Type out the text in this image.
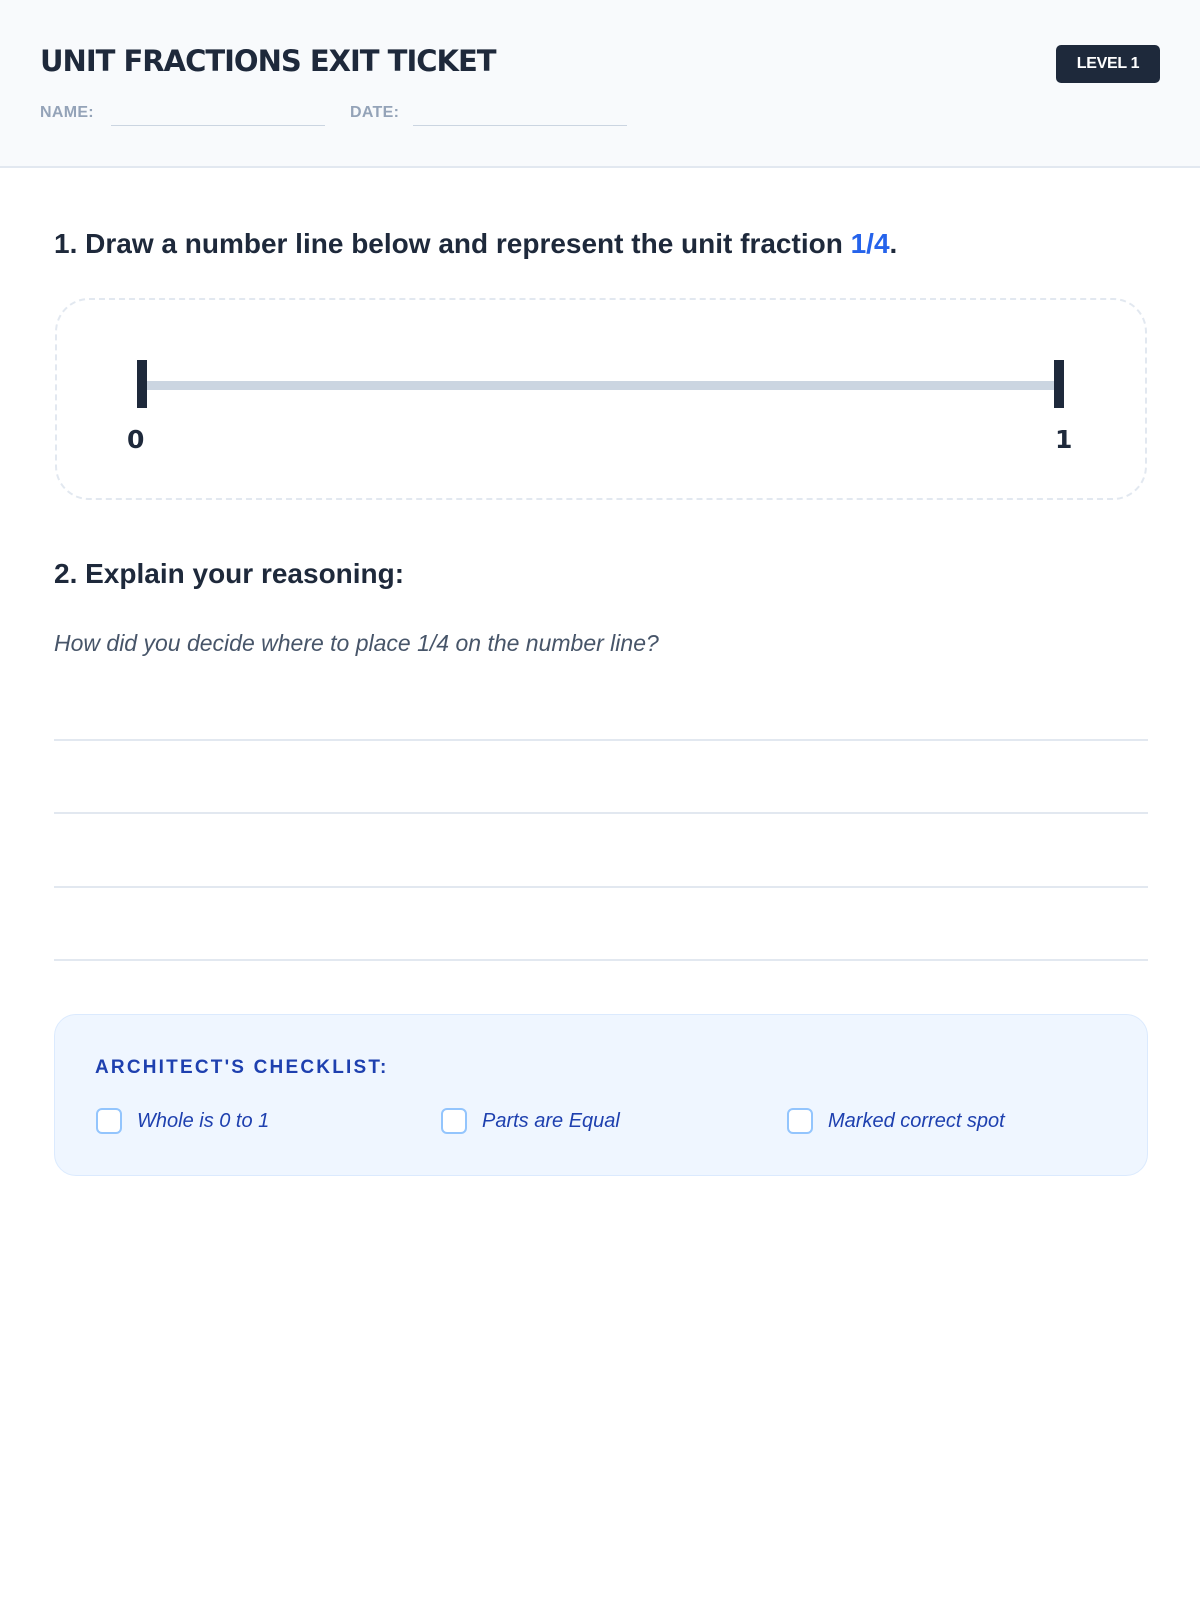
UNIT FRACTIONS EXIT TICKET	LEVEL 1
NAME:	DATE:
1. Draw a number line below and represent the unit fraction 1/4.
0	1
2. Explain your reasoning:
How did you decide where to place 1/4 on the number line?
ARCHITECT'S CHECKLIST:
Whole is 0 to 1	Parts are Equal	Marked correct spot
